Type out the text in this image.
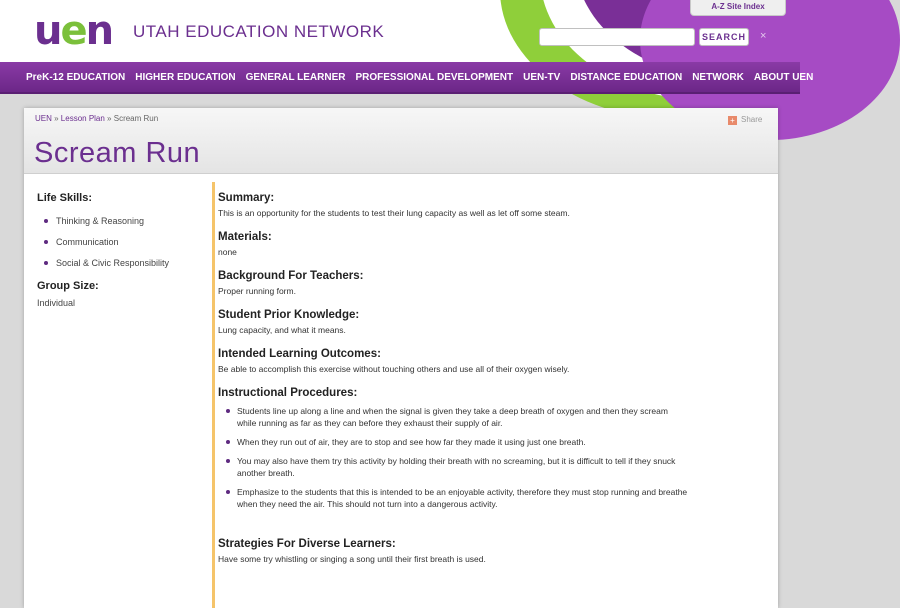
uen UTAH EDUCATION NETWORK
A-Z Site Index
SEARCH ×
PreK-12 EDUCATION HIGHER EDUCATION GENERAL LEARNER PROFESSIONAL DEVELOPMENT UEN-TV DISTANCE EDUCATION NETWORK ABOUT UEN
UEN » Lesson Plan » Scream Run	+ Share
Scream Run
Life Skills:
Thinking & Reasoning
Communication
Social & Civic Responsibility
Group Size:
Individual
Summary:
This is an opportunity for the students to test their lung capacity as well as let off some steam.
Materials:
none
Background For Teachers:
Proper running form.
Student Prior Knowledge:
Lung capacity, and what it means.
Intended Learning Outcomes:
Be able to accomplish this exercise without touching others and use all of their oxygen wisely.
Instructional Procedures:
Students line up along a line and when the signal is given they take a deep breath of oxygen and then they scream while running as far as they can before they exhaust their supply of air.
When they run out of air, they are to stop and see how far they made it using just one breath.
You may also have them try this activity by holding their breath with no screaming, but it is difficult to tell if they snuck another breath.
Emphasize to the students that this is intended to be an enjoyable activity, therefore they must stop running and breathe when they need the air. This should not turn into a dangerous activity.
Strategies For Diverse Learners:
Have some try whistling or singing a song until their first breath is used.
